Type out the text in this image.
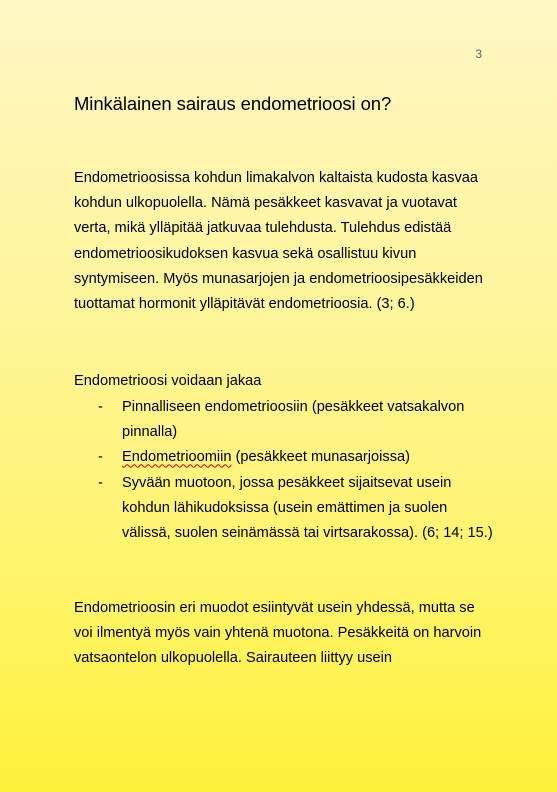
3
Minkälainen sairaus endometrioosi on?

Endometrioosissa kohdun limakalvon kaltaista kudosta kasvaa kohdun ulkopuolella. Nämä pesäkkeet kasvavat ja vuotavat verta, mikä ylläpitää jatkuvaa tulehdusta. Tulehdus edistää endometrioosikudoksen kasvua sekä osallistuu kivun syntymiseen. Myös munasarjojen ja endometrioosipesäkkeiden tuottamat hormonit ylläpitävät endometrioosia. (3; 6.)

Endometrioosi voidaan jakaa

- Pinnalliseen endometrioosiin (pesäkkeet vatsakalvon pinnalla)
- Endometrioomiin (pesäkkeet munasarjoissa)
- Syvään muotoon, jossa pesäkkeet sijaitsevat usein kohdun lähikudoksissa (usein emättimen ja suolen välissä, suolen seinämässä tai virtsarakossa). (6; 14; 15.)

Endometrioosin eri muodot esiintyvät usein yhdessä, mutta se voi ilmentyä myös vain yhtenä muotona. Pesäkkeitä on harvoin vatsaontelon ulkopuolella. Sairauteen liittyy usein
